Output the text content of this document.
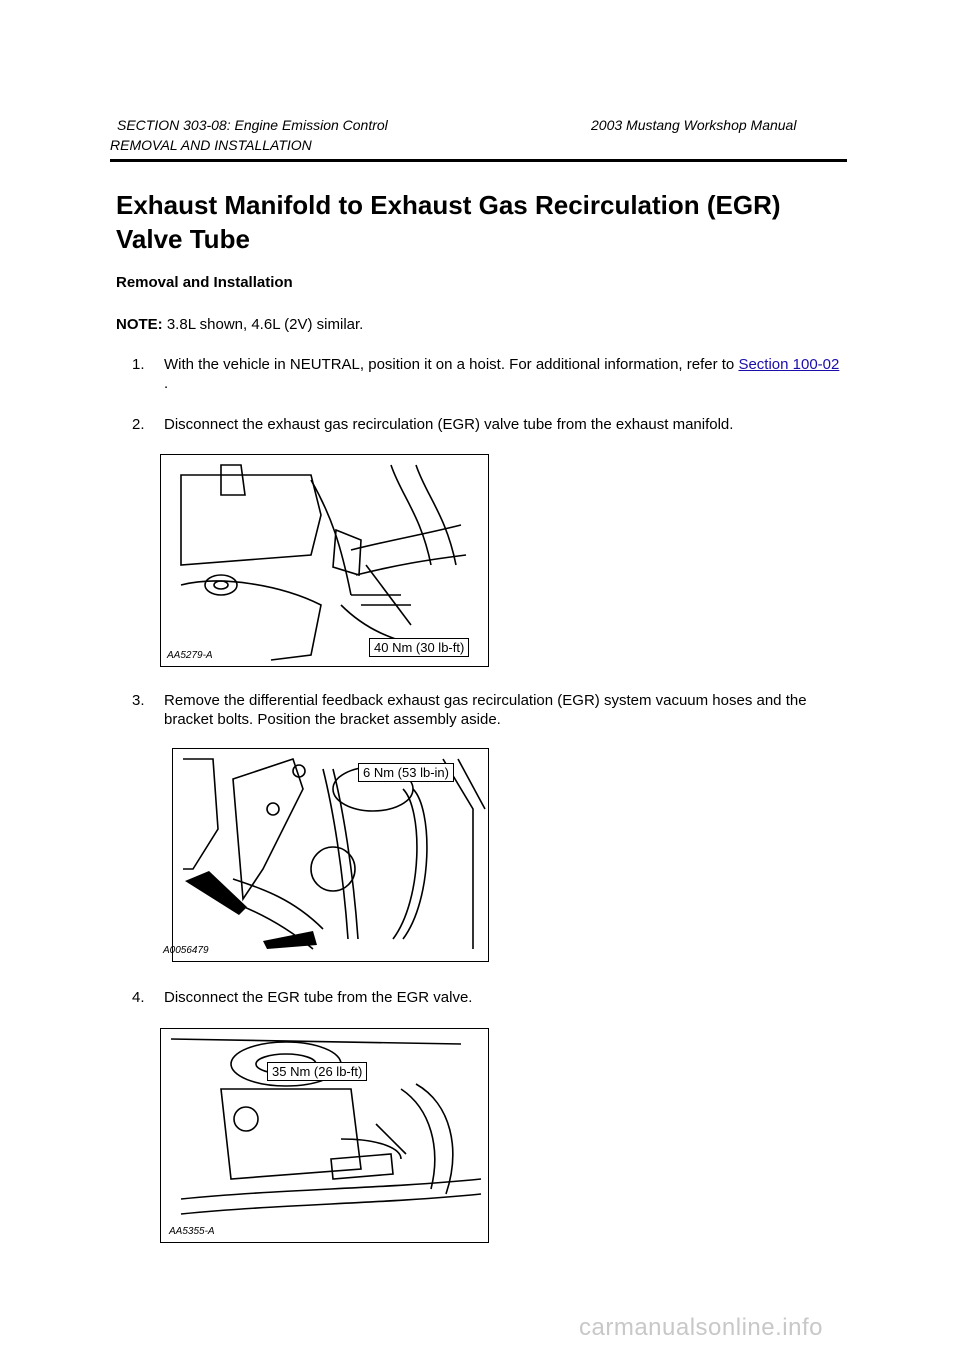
SECTION 303-08: Engine Emission Control	2003 Mustang Workshop Manual
REMOVAL AND INSTALLATION
Exhaust Manifold to Exhaust Gas Recirculation (EGR) Valve Tube
Removal and Installation
NOTE: 3.8L shown, 4.6L (2V) similar.
1. With the vehicle in NEUTRAL, position it on a hoist. For additional information, refer to Section 100-02 .
2. Disconnect the exhaust gas recirculation (EGR) valve tube from the exhaust manifold.
40 Nm (30 lb-ft)
AA5279-A
3. Remove the differential feedback exhaust gas recirculation (EGR) system vacuum hoses and the bracket bolts. Position the bracket assembly aside.
6 Nm (53 lb-in)
A0056479
4. Disconnect the EGR tube from the EGR valve.
35 Nm (26 lb-ft)
AA5355-A
carmanualsonline.info
